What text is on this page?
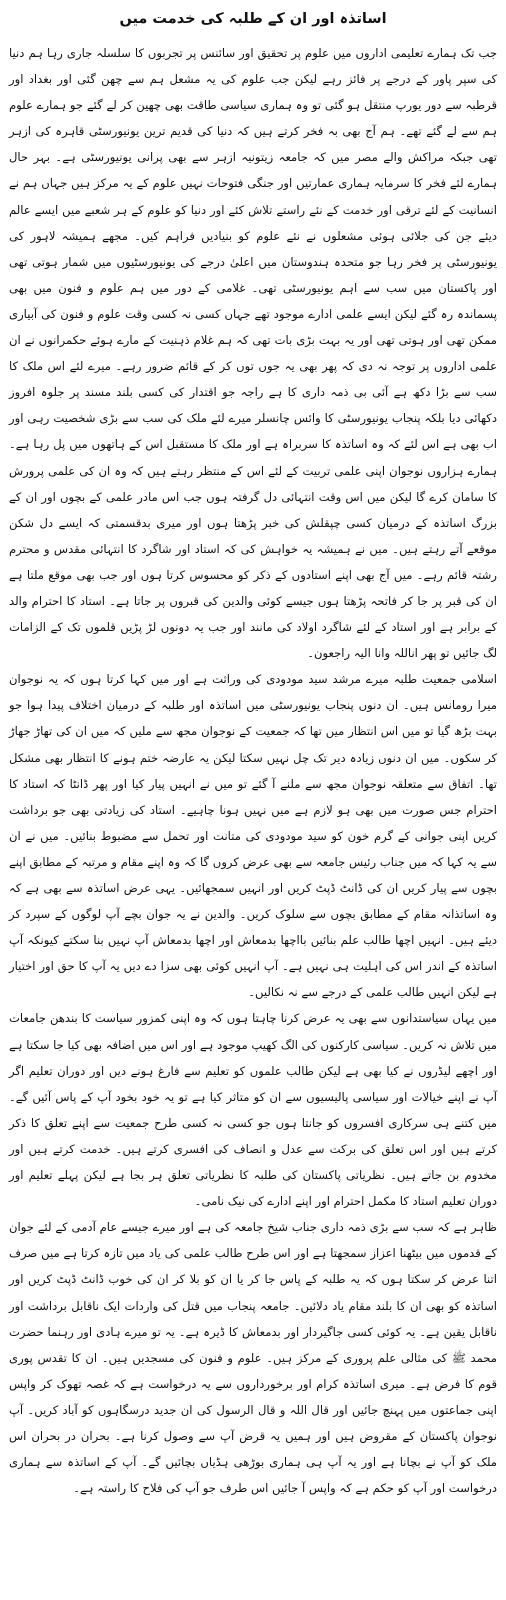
اساتذہ اور ان کے طلبہ کی خدمت میں

جب تک ہمارے تعلیمی اداروں میں علوم پر تحقیق اور سائنس پر تجربوں کا سلسلہ جاری رہا ہم دنیا کی سپر پاور کے درجے پر فائز رہے لیکن جب علوم کی یہ مشعل ہم سے چھن گئی اور بغداد اور قرطبہ سے دور یورپ منتقل ہو گئی تو وہ ہماری سیاسی طاقت بھی چھین کر لے گئے جو ہمارے علوم ہم سے لے گئے تھے۔ ہم آج بھی بہ فخر کرتے ہیں کہ دنیا کی قدیم ترین یونیورسٹی قاہرہ کی ازہر تھی جبکہ مراکش والے مصر میں کہ جامعہ زیتونیہ ازہر سے بھی پرانی یونیورسٹی ہے۔ بہر حال ہمارے لئے فخر کا سرمایہ ہماری عمارتیں اور جنگی فتوحات نہیں علوم کے یہ مرکز ہیں جہاں ہم نے انسانیت کے لئے ترقی اور خدمت کے نئے راستے تلاش کئے اور دنیا کو علوم کے ہر شعبے میں ایسے عالم دیئے جن کی جلائی ہوئی مشعلوں نے نئے علوم کو بنیادیں فراہم کیں۔ مجھے ہمیشہ لاہور کی یونیورسٹی پر فخر رہا جو متحدہ ہندوستان میں اعلیٰ درجے کی یونیورسٹیوں میں شمار ہوتی تھی اور پاکستان میں سب سے اہم یونیورسٹی تھی۔ غلامی کے دور میں ہم علوم و فنون میں بھی پسماندہ رہ گئے لیکن ایسے علمی ادارے موجود تھے جہاں کسی نہ کسی وقت علوم و فنون کی آبیاری ممکن تھی اور ہوتی تھی اور یہ بہت بڑی بات تھی کہ ہم غلام ذہنیت کے مارے ہوئے حکمرانوں نے ان علمی اداروں پر توجہ نہ دی کہ پھر بھی یہ جوں توں کر کے قائم ضرور رہے۔ میرے لئے اس ملک کا سب سے بڑا دکھ ہے آئی بی ذمہ داری کا ہے راجہ جو اقتدار کی کسی بلند مسند پر جلوہ افروز دکھائی دیا بلکہ پنجاب یونیورسٹی کا وائس چانسلر میرے لئے ملک کی سب سے بڑی شخصیت رہی اور اب بھی ہے اس لئے کہ وہ اساتذہ کا سربراہ ہے اور ملک کا مستقبل اس کے ہاتھوں میں پل رہا ہے۔ ہمارے ہزاروں نوجوان اپنی علمی تربیت کے لئے اس کے منتظر رہتے ہیں کہ وہ ان کی علمی پرورش کا سامان کرے گا لیکن میں اس وقت انتہائی دل گرفتہ ہوں جب اس مادر علمی کے بچوں اور ان کے بزرگ اساتذہ کے درمیان کسی چپقلش کی خبر پڑھتا ہوں اور میری بدقسمتی کہ ایسے دل شکن موقعے آتے رہتے ہیں۔ میں نے ہمیشہ یہ خواہش کی کہ استاد اور شاگرد کا انتہائی مقدس و محترم رشتہ قائم رہے۔ میں آج بھی اپنے استادوں کے ذکر کو محسوس کرتا ہوں اور جب بھی موقع ملتا ہے ان کی قبر پر جا کر فاتحہ پڑھتا ہوں جیسے کوئی والدین کی قبروں پر جاتا ہے۔ استاد کا احترام والد کے برابر ہے اور استاد کے لئے شاگرد اولاد کی مانند اور جب یہ دونوں لڑ پڑیں قلموں تک کے الزامات لگ جائیں تو پھر اناللہ وانا الیہ راجعون۔

اسلامی جمعیت طلبہ میرے مرشد سید مودودی کی وراثت ہے اور میں کہا کرتا ہوں کہ یہ نوجوان میرا رومانس ہیں۔ ان دنوں پنجاب یونیورسٹی میں اساتذہ اور طلبہ کے درمیان اختلاف پیدا ہوا جو بہت بڑھ گیا تو میں اس انتظار میں تھا کہ جمعیت کے نوجوان مجھ سے ملیں کہ میں ان کی تھاڑ جھاڑ کر سکوں۔ میں ان دنوں زیادہ دیر تک چل نہیں سکتا لیکن یہ عارضہ ختم ہونے کا انتظار بھی مشکل تھا۔ اتفاق سے متعلقہ نوجوان مجھ سے ملنے آ گئے تو میں نے انہیں پیار کیا اور پھر ڈانٹا کہ استاد کا احترام جس صورت میں بھی ہو لازم ہے میں نہیں ہونا چاہیے۔ استاد کی زیادتی بھی جو برداشت کریں اپنی جوانی کے گرم خون کو سید مودودی کی متانت اور تحمل سے مضبوط بنائیں۔ میں نے ان سے یہ کہا کہ میں جناب رئیس جامعہ سے بھی عرض کروں گا کہ وہ اپنے مقام و مرتبہ کے مطابق اپنے بچوں سے پیار کریں ان کی ڈانٹ ڈپٹ کریں اور انہیں سمجھائیں۔ یہی عرض اساتذہ سے بھی ہے کہ وہ اساتذانہ مقام کے مطابق بچوں سے سلوک کریں۔ والدین نے یہ جوان بچے آپ لوگوں کے سپرد کر دیئے ہیں۔ انہیں اچھا طالب علم بنائیں بااچھا بدمعاش اور اچھا بدمعاش آپ نہیں بنا سکتے کیونکہ آپ اساتذہ کے اندر اس کی اہلیت ہی نہیں ہے۔ آپ انہیں کوئی بھی سزا دے دیں یہ آپ کا حق اور اختیار ہے لیکن انہیں طالب علمی کے درجے سے نہ نکالیں۔

میں یہاں سیاستدانوں سے بھی یہ عرض کرنا چاہتا ہوں کہ وہ اپنی کمزور سیاست کا بندھن جامعات میں تلاش نہ کریں۔ سیاسی کارکنوں کی الگ کھیپ موجود ہے اور اس میں اضافہ بھی کیا جا سکتا ہے اور اچھے لیڈروں نے کیا بھی ہے لیکن طالب علموں کو تعلیم سے فارغ ہونے دیں اور دوران تعلیم اگر آپ نے اپنے خیالات اور سیاسی پالیسیوں سے ان کو متاثر کیا ہے تو یہ خود بخود آپ کے پاس آئیں گے۔ میں کتنے ہی سرکاری افسروں کو جانتا ہوں جو کسی نہ کسی طرح جمعیت سے اپنے تعلق کا ذکر کرتے ہیں اور اس تعلق کی برکت سے عدل و انصاف کی افسری کرتے ہیں۔ خدمت کرتے ہیں اور مخدوم بن جاتے ہیں۔ نظریاتی پاکستان کی طلبہ کا نظریاتی تعلق ہر بجا ہے لیکن پہلے تعلیم اور دوران تعلیم استاد کا مکمل احترام اور اپنے ادارے کی نیک نامی۔

ظاہر ہے کہ سب سے بڑی ذمہ داری جناب شیخ جامعہ کی ہے اور میرے جیسے عام آدمی کے لئے جوان کے قدموں میں بیٹھنا اعزاز سمجھتا ہے اور اس طرح طالب علمی کی یاد میں تازہ کرتا ہے میں صرف اتنا عرض کر سکتا ہوں کہ یہ طلبہ کے پاس جا کر یا ان کو بلا کر ان کی خوب ڈانٹ ڈپٹ کریں اور اساتذہ کو بھی ان کا بلند مقام یاد دلائیں۔ جامعہ پنجاب میں قتل کی واردات ایک ناقابل برداشت اور ناقابل یقین ہے۔ یہ کوئی کسی جاگیردار اور بدمعاش کا ڈیرہ ہے۔ یہ تو میرے ہادی اور رہنما حضرت محمد ﷺ کی مثالی علم پروری کے مرکز ہیں۔ علوم و فنون کی مسجدیں ہیں۔ ان کا تقدس پوری قوم کا فرض ہے۔ میری اساتذہ کرام اور برخورداروں سے یہ درخواست ہے کہ غصہ تھوک کر واپس اپنی جماعتوں میں پہنچ جائیں اور قال اللہ و قال الرسول کی ان جدید درسگاہوں کو آباد کریں۔ آپ نوجوان پاکستان کے مقروض ہیں اور ہمیں یہ قرض آپ سے وصول کرنا ہے۔ بحران در بحران اس ملک کو آپ نے بچانا ہے اور یہ آپ ہی ہماری بوڑھی ہڈیاں بچائیں گے۔ آپ کے اساتذہ سے ہماری درخواست اور آپ کو حکم ہے کہ واپس آ جائیں اس طرف جو آپ کی فلاح کا راستہ ہے۔
